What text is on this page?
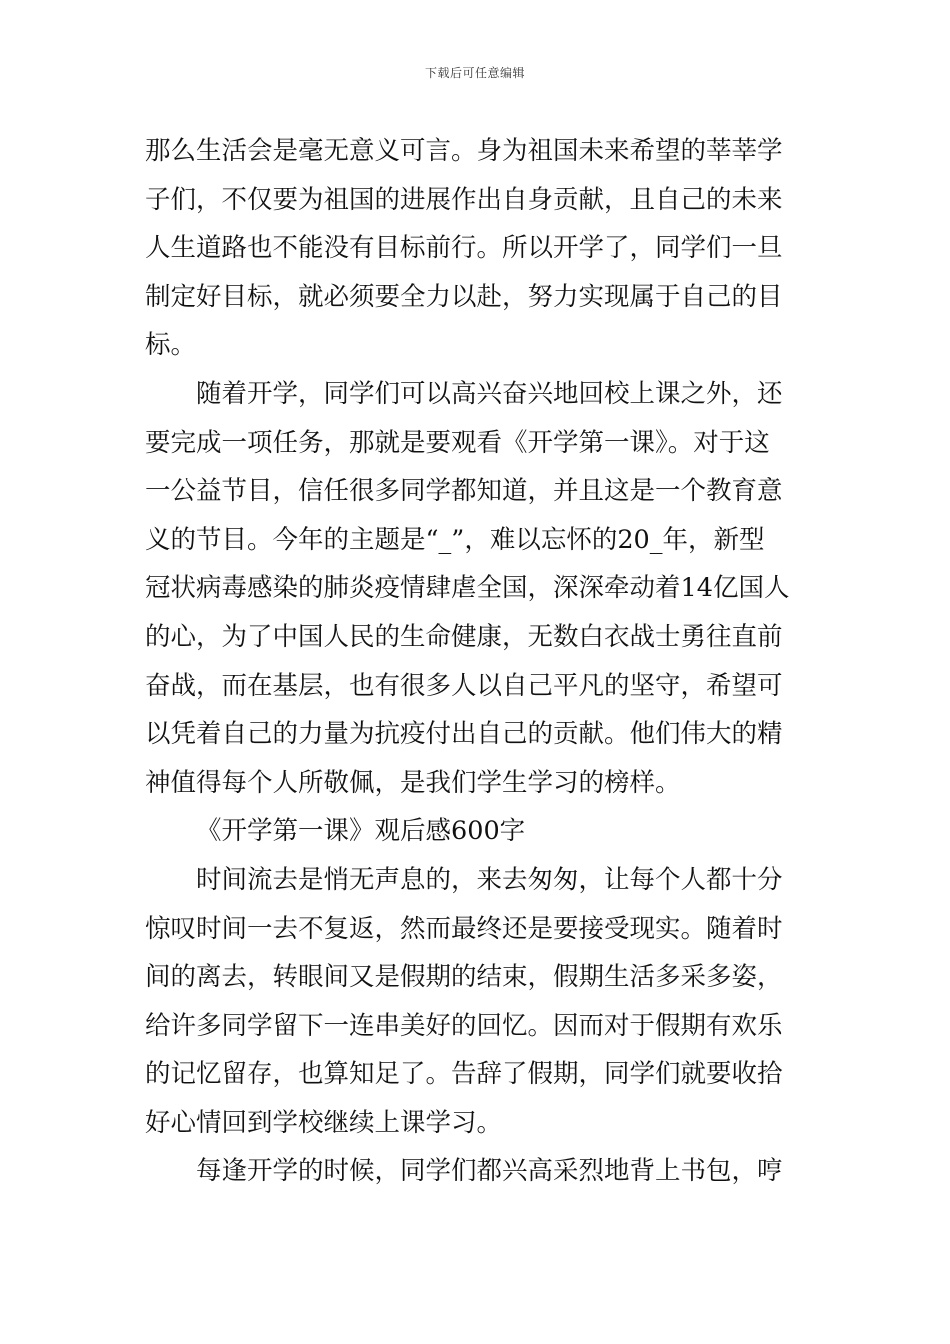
下载后可任意编辑
那么生活会是毫无意义可言。身为祖国未来希望的莘莘学
子们，不仅要为祖国的进展作出自身贡献，且自己的未来
人生道路也不能没有目标前行。所以开学了，同学们一旦
制定好目标，就必须要全力以赴，努力实现属于自己的目
标。
随着开学，同学们可以高兴奋兴地回校上课之外，还
要完成一项任务，那就是要观看《开学第一课》。对于这
一公益节目，信任很多同学都知道，并且这是一个教育意
义的节目。今年的主题是“_”，难以忘怀的20_年，新型
冠状病毒感染的肺炎疫情肆虐全国，深深牵动着14亿国人
的心，为了中国人民的生命健康，无数白衣战士勇往直前
奋战，而在基层，也有很多人以自己平凡的坚守，希望可
以凭着自己的力量为抗疫付出自己的贡献。他们伟大的精
神值得每个人所敬佩，是我们学生学习的榜样。
《开学第一课》观后感600字
时间流去是悄无声息的，来去匆匆，让每个人都十分
惊叹时间一去不复返，然而最终还是要接受现实。随着时
间的离去，转眼间又是假期的结束，假期生活多采多姿，
给许多同学留下一连串美好的回忆。因而对于假期有欢乐
的记忆留存，也算知足了。告辞了假期，同学们就要收拾
好心情回到学校继续上课学习。
每逢开学的时候，同学们都兴高采烈地背上书包，哼
